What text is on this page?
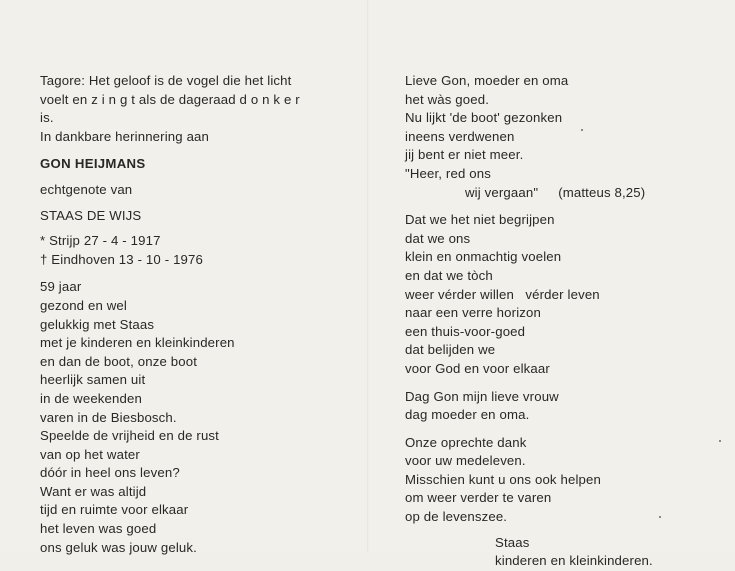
Tagore: Het geloof is de vogel die het licht
voelt en z i n g t als de dageraad d o n k e r
is.
In dankbare herinnering aan
GON HEIJMANS
echtgenote van
STAAS DE WIJS
* Strijp 27 - 4 - 1917
† Eindhoven 13 - 10 - 1976
59 jaar
gezond en wel
gelukkig met Staas
met je kinderen en kleinkinderen
en dan de boot, onze boot
heerlijk samen uit
in de weekenden
varen in de Biesbosch.
Speelde de vrijheid en de rust
van op het water
dóór in heel ons leven?
Want er was altijd
tijd en ruimte voor elkaar
het leven was goed
ons geluk was jouw geluk.
Lieve Gon, moeder en oma
het wàs goed.
Nu lijkt 'de boot' gezonken
ineens verdwenen
jij bent er niet meer.
"Heer, red ons
wij vergaan" (matteus 8,25)
Dat we het niet begrijpen
dat we ons
klein en onmachtig voelen
en dat we tòch
weer vérder willen   vérder leven
naar een verre horizon
een thuis-voor-goed
dat belijden we
voor God en voor elkaar
Dag Gon mijn lieve vrouw
dag moeder en oma.
Onze oprechte dank
voor uw medeleven.
Misschien kunt u ons ook helpen
om weer verder te varen
op de levenszee.
Staas
kinderen en kleinkinderen.
